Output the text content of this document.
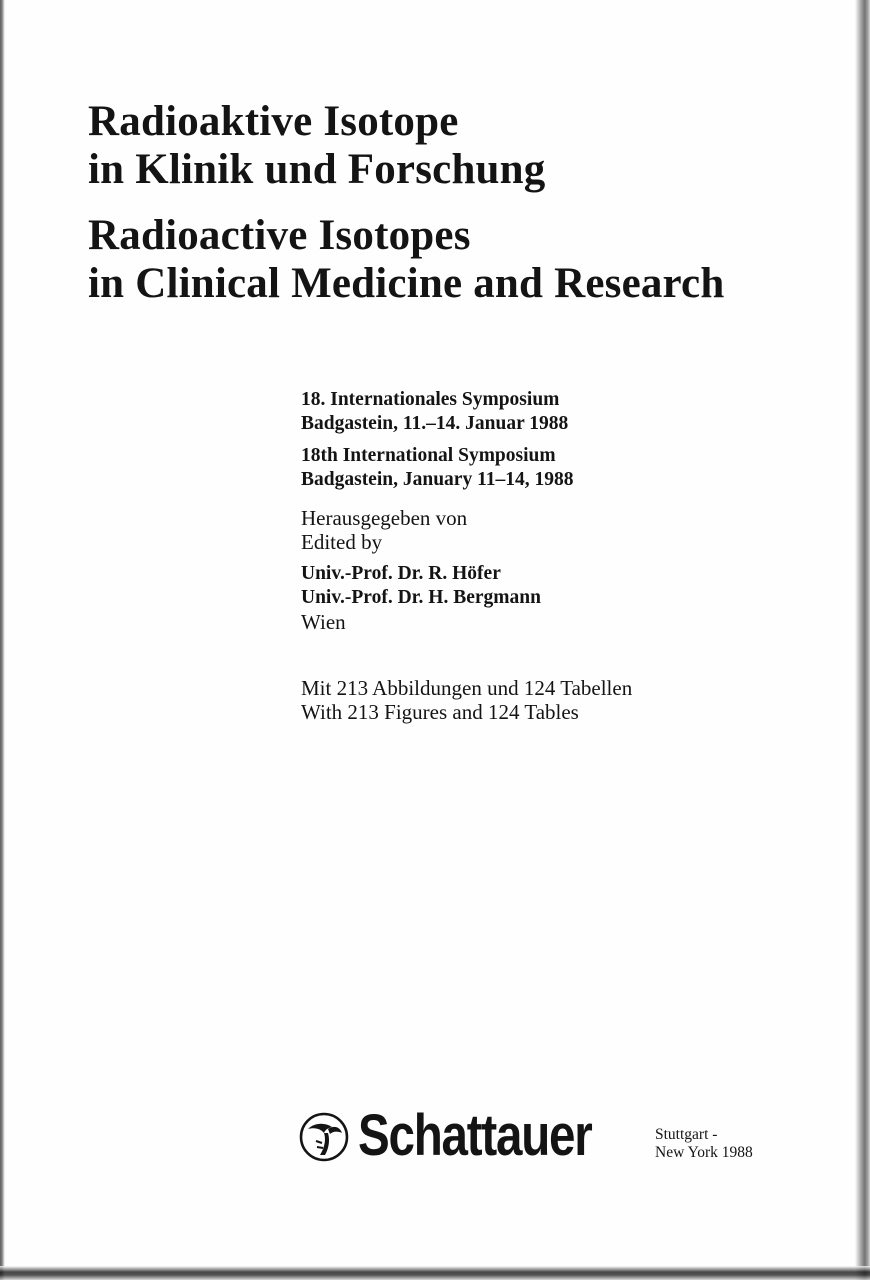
Radioaktive Isotope
in Klinik und Forschung
Radioactive Isotopes
in Clinical Medicine and Research
18. Internationales Symposium
Badgastein, 11.–14. Januar 1988
18th International Symposium
Badgastein, January 11–14, 1988
Herausgegeben von
Edited by
Univ.-Prof. Dr. R. Höfer
Univ.-Prof. Dr. H. Bergmann
Wien
Mit 213 Abbildungen und 124 Tabellen
With 213 Figures and 124 Tables
Schattauer	Stuttgart -
New York 1988
